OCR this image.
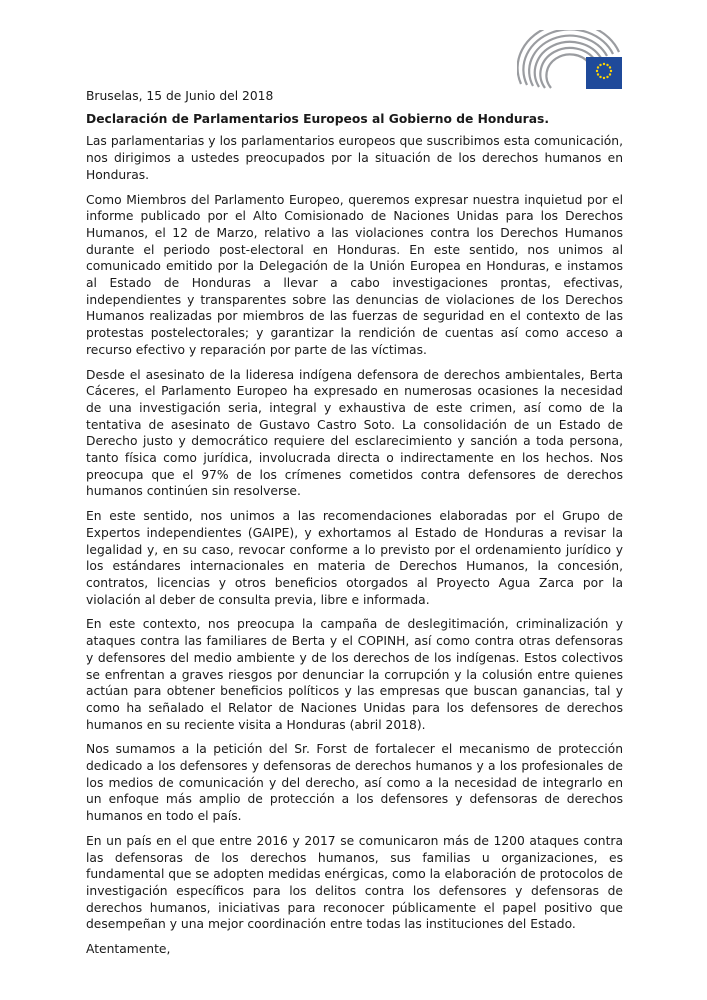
Bruselas, 15 de Junio del 2018

Declaración de Parlamentarios Europeos al Gobierno de Honduras.

Las parlamentarias y los parlamentarios europeos que suscribimos esta comunicación, nos dirigimos a ustedes preocupados por la situación de los derechos humanos en Honduras.

Como Miembros del Parlamento Europeo, queremos expresar nuestra inquietud por el informe publicado por el Alto Comisionado de Naciones Unidas para los Derechos Humanos, el 12 de Marzo, relativo a las violaciones contra los Derechos Humanos durante el periodo post-electoral en Honduras. En este sentido, nos unimos al comunicado emitido por la Delegación de la Unión Europea en Honduras, e instamos al Estado de Honduras a llevar a cabo investigaciones prontas, efectivas, independientes y transparentes sobre las denuncias de violaciones de los Derechos Humanos realizadas por miembros de las fuerzas de seguridad en el contexto de las protestas postelectorales; y garantizar la rendición de cuentas así como acceso a recurso efectivo y reparación por parte de las víctimas.

Desde el asesinato de la lideresa indígena defensora de derechos ambientales, Berta Cáceres, el Parlamento Europeo ha expresado en numerosas ocasiones la necesidad de una investigación seria, integral y exhaustiva de este crimen, así como de la tentativa de asesinato de Gustavo Castro Soto. La consolidación de un Estado de Derecho justo y democrático requiere del esclarecimiento y sanción a toda persona, tanto física como jurídica, involucrada directa o indirectamente en los hechos. Nos preocupa que el 97% de los crímenes cometidos contra defensores de derechos humanos continúen sin resolverse.

En este sentido, nos unimos a las recomendaciones elaboradas por el Grupo de Expertos independientes (GAIPE), y exhortamos al Estado de Honduras a revisar la legalidad y, en su caso, revocar conforme a lo previsto por el ordenamiento jurídico y los estándares internacionales en materia de Derechos Humanos, la concesión, contratos, licencias y otros beneficios otorgados al Proyecto Agua Zarca por la violación al deber de consulta previa, libre e informada.

En este contexto, nos preocupa la campaña de deslegitimación, criminalización y ataques contra las familiares de Berta y el COPINH, así como contra otras defensoras y defensores del medio ambiente y de los derechos de los indígenas. Estos colectivos se enfrentan a graves riesgos por denunciar la corrupción y la colusión entre quienes actúan para obtener beneficios políticos y las empresas que buscan ganancias, tal y como ha señalado el Relator de Naciones Unidas para los defensores de derechos humanos en su reciente visita a Honduras (abril 2018).

Nos sumamos a la petición del Sr. Forst de fortalecer el mecanismo de protección dedicado a los defensores y defensoras de derechos humanos y a los profesionales de los medios de comunicación y del derecho, así como a la necesidad de integrarlo en un enfoque más amplio de protección a los defensores y defensoras de derechos humanos en todo el país.

En un país en el que entre 2016 y 2017 se comunicaron más de 1200 ataques contra las defensoras de los derechos humanos, sus familias u organizaciones, es fundamental que se adopten medidas enérgicas, como la elaboración de protocolos de investigación específicos para los delitos contra los defensores y defensoras de derechos humanos, iniciativas para reconocer públicamente el papel positivo que desempeñan y una mejor coordinación entre todas las instituciones del Estado.

Atentamente,
